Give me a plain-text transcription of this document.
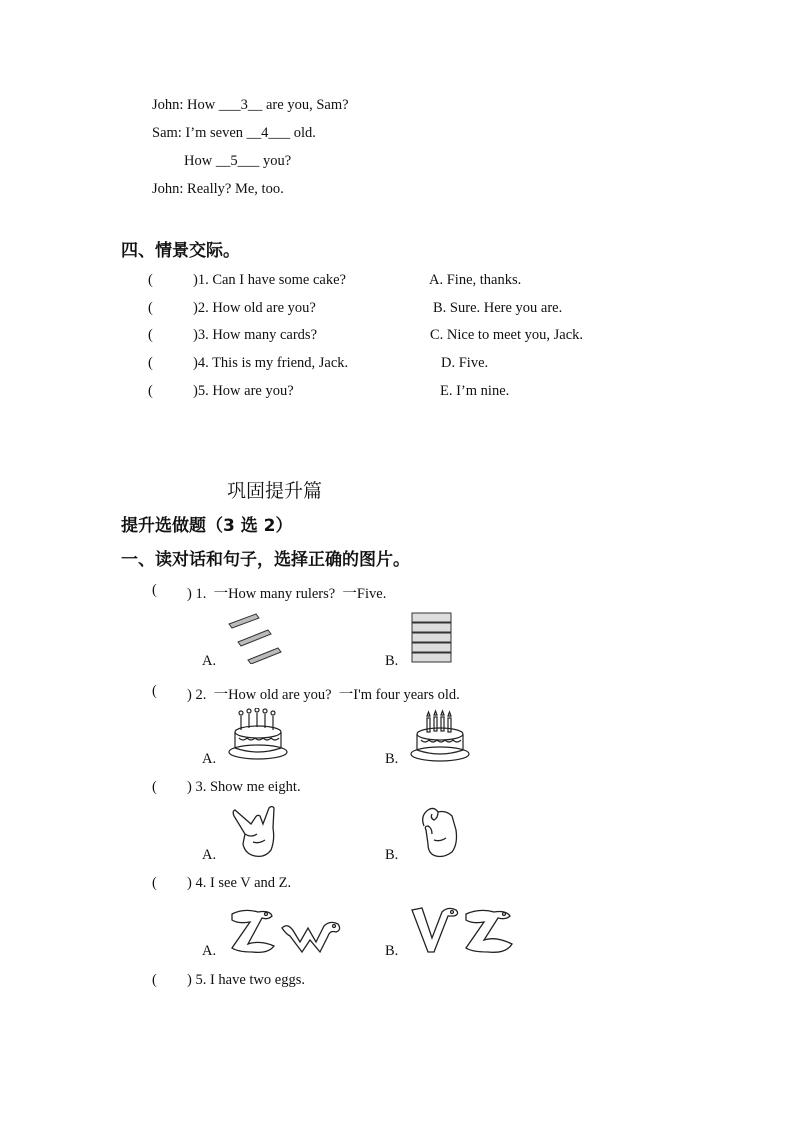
John: How ___3__ are you, Sam?
Sam: I’m seven __4___ old.
How __5___ you?
John: Really? Me, too.
四、情景交际。
(	)1. Can I have some cake?	A. Fine, thanks.
(	)2. How old are you?	B. Sure. Here you are.
(	)3. How many cards?	C. Nice to meet you, Jack.
(	)4. This is my friend, Jack.	D. Five.
(	)5. How are you?	E. I’m nine.
巩固提升篇
提升选做题（3 选 2）
一、读对话和句子，选择正确的图片。
( ) 1.  一How many rulers?  一Five.
A.	B.
( ) 2.  一How old are you?  一I'm four years old.
A.	B.
( ) 3. Show me eight.
A.	B.
( ) 4. I see V and Z.
A.	B.
( ) 5. I have two eggs.
